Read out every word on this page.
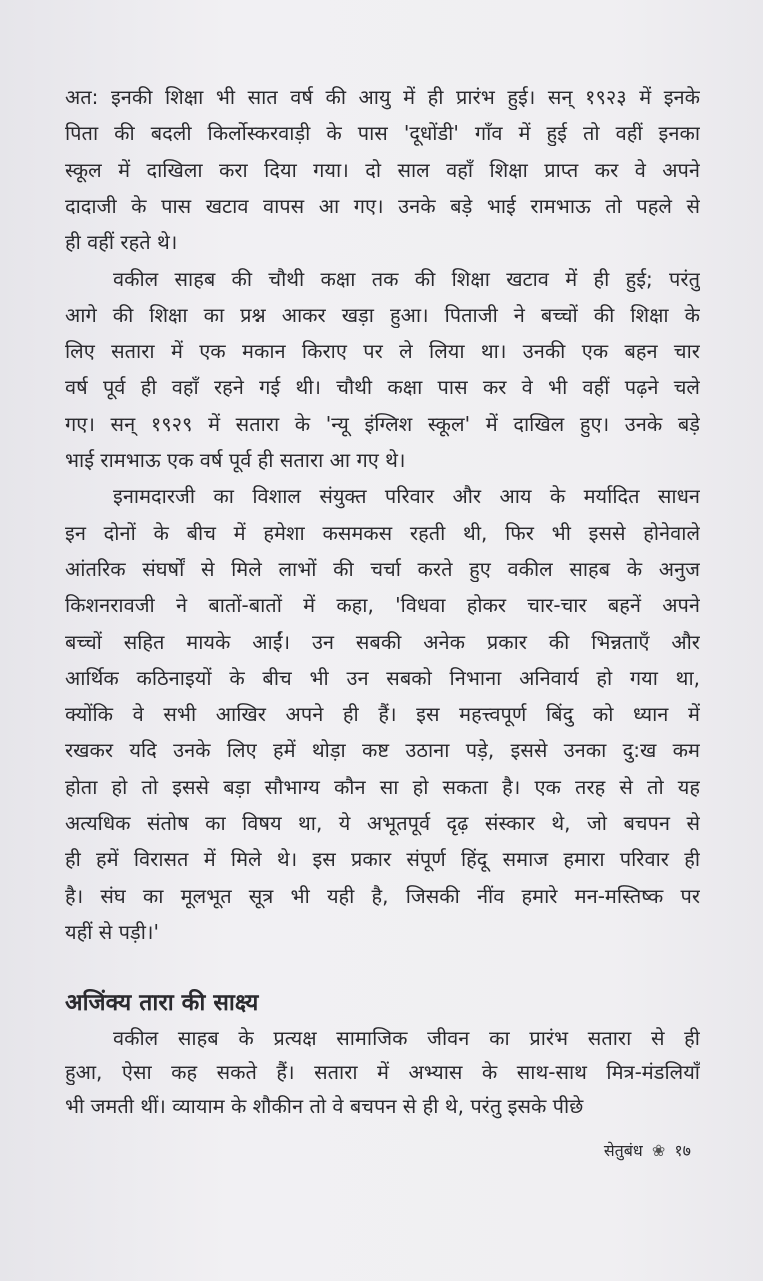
अत: इनकी शिक्षा भी सात वर्ष की आयु में ही प्रारंभ हुई। सन् १९२३ में इनके
पिता की बदली किर्लोस्करवाड़ी के पास 'दूधोंडी' गाँव में हुई तो वहीं इनका
स्कूल में दाखिला करा दिया गया। दो साल वहाँ शिक्षा प्राप्त कर वे अपने
दादाजी के पास खटाव वापस आ गए। उनके बड़े भाई रामभाऊ तो पहले से
ही वहीं रहते थे।
वकील साहब की चौथी कक्षा तक की शिक्षा खटाव में ही हुई; परंतु
आगे की शिक्षा का प्रश्न आकर खड़ा हुआ। पिताजी ने बच्चों की शिक्षा के
लिए सतारा में एक मकान किराए पर ले लिया था। उनकी एक बहन चार
वर्ष पूर्व ही वहाँ रहने गई थी। चौथी कक्षा पास कर वे भी वहीं पढ़ने चले
गए। सन् १९२९ में सतारा के 'न्यू इंग्लिश स्कूल' में दाखिल हुए। उनके बड़े
भाई रामभाऊ एक वर्ष पूर्व ही सतारा आ गए थे।
इनामदारजी का विशाल संयुक्त परिवार और आय के मर्यादित साधन
इन दोनों के बीच में हमेशा कसमकस रहती थी, फिर भी इससे होनेवाले
आंतरिक संघर्षों से मिले लाभों की चर्चा करते हुए वकील साहब के अनुज
किशनरावजी ने बातों-बातों में कहा, 'विधवा होकर चार-चार बहनें अपने
बच्चों सहित मायके आईं। उन सबकी अनेक प्रकार की भिन्नताएँ और
आर्थिक कठिनाइयों के बीच भी उन सबको निभाना अनिवार्य हो गया था,
क्योंकि वे सभी आखिर अपने ही हैं। इस महत्त्वपूर्ण बिंदु को ध्यान में
रखकर यदि उनके लिए हमें थोड़ा कष्ट उठाना पड़े, इससे उनका दु:ख कम
होता हो तो इससे बड़ा सौभाग्य कौन सा हो सकता है। एक तरह से तो यह
अत्यधिक संतोष का विषय था, ये अभूतपूर्व दृढ़ संस्कार थे, जो बचपन से
ही हमें विरासत में मिले थे। इस प्रकार संपूर्ण हिंदू समाज हमारा परिवार ही
है। संघ का मूलभूत सूत्र भी यही है, जिसकी नींव हमारे मन-मस्तिष्क पर
यहीं से पड़ी।'
अजिंक्य तारा की साक्ष्य
वकील साहब के प्रत्यक्ष सामाजिक जीवन का प्रारंभ सतारा से ही
हुआ, ऐसा कह सकते हैं। सतारा में अभ्यास के साथ-साथ मित्र-मंडलियाँ
भी जमती थीं। व्यायाम के शौकीन तो वे बचपन से ही थे, परंतु इसके पीछे
सेतुबंध ❀ १७
